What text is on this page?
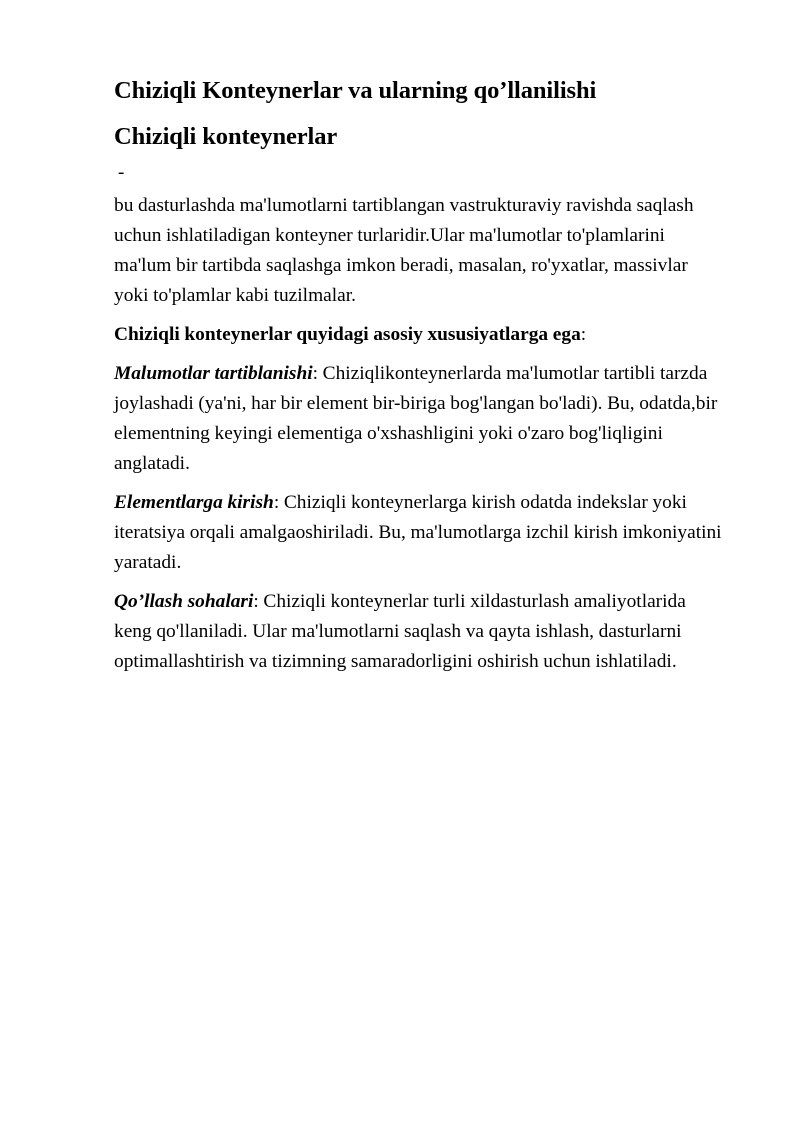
Chiziqli Konteynerlar va ularning qo’llanilishi
Chiziqli konteynerlar
-

bu dasturlashda ma'lumotlarni tartiblangan vastrukturaviy ravishda saqlash uchun ishlatiladigan konteyner turlaridir.Ular ma'lumotlar to'plamlarini ma'lum bir tartibda saqlashga imkon beradi, masalan, ro'yxatlar, massivlar yoki to'plamlar kabi tuzilmalar.

Chiziqli konteynerlar quyidagi asosiy xususiyatlarga ega:

Malumotlar tartiblanishi: Chiziqlikonteynerlarda ma'lumotlar tartibli tarzda joylashadi (ya'ni, har bir element bir-biriga bog'langan bo'ladi). Bu, odatda,bir elementning keyingi elementiga o'xshashligini yoki o'zaro bog'liqligini anglatadi.

Elementlarga kirish: Chiziqli konteynerlarga kirish odatda indekslar yoki iteratsiya orqali amalgaoshiriladi. Bu, ma'lumotlarga izchil kirish imkoniyatini yaratadi.

Qo’llash sohalari: Chiziqli konteynerlar turli xildasturlash amaliyotlarida keng qo'llaniladi. Ular ma'lumotlarni saqlash va qayta ishlash, dasturlarni optimallashtirish va tizimning samaradorligini oshirish uchun ishlatiladi.
